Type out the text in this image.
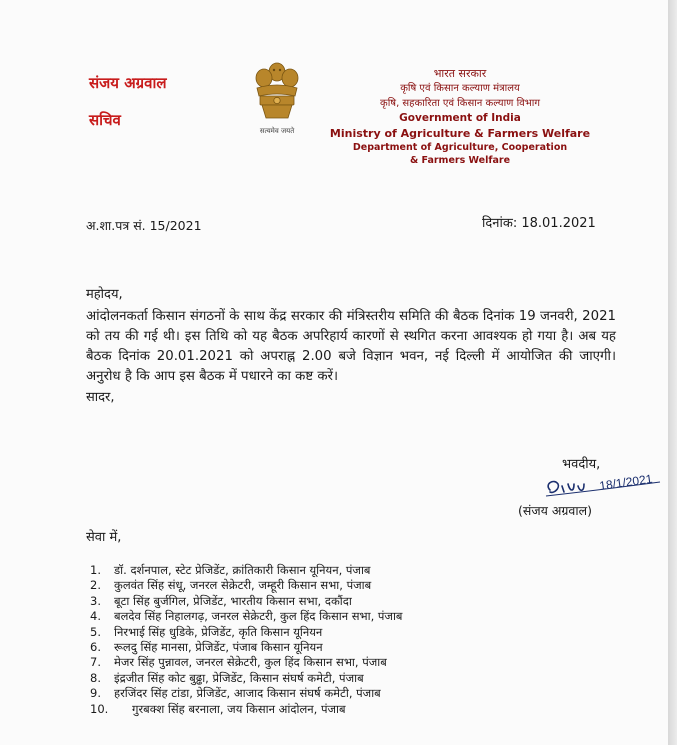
संजय अग्रवाल
सचिव
सत्यमेव जयते
भारत सरकार
कृषि एवं किसान कल्याण मंत्रालय
कृषि, सहकारिता एवं किसान कल्याण विभाग
Government of India
Ministry of Agriculture & Farmers Welfare
Department of Agriculture, Cooperation
& Farmers Welfare
अ.शा.पत्र सं. 15/2021	दिनांक: 18.01.2021
महोदय,
आंदोलनकर्ता किसान संगठनों के साथ केंद्र सरकार की मंत्रिस्तरीय समिति की बैठक दिनांक 19 जनवरी, 2021 को तय की गई थी। इस तिथि को यह बैठक अपरिहार्य कारणों से स्थगित करना आवश्यक हो गया है। अब यह बैठक दिनांक 20.01.2021 को अपराह्न 2.00 बजे विज्ञान भवन, नई दिल्ली में आयोजित की जाएगी। अनुरोध है कि आप इस बैठक में पधारने का कष्ट करें।
सादर,
भवदीय,
18/1/2021
(संजय अग्रवाल)
सेवा में,
1. डॉ. दर्शनपाल, स्टेट प्रेजिडेंट, क्रांतिकारी किसान यूनियन, पंजाब
2. कुलवंत सिंह संधू, जनरल सेक्रेटरी, जम्हूरी किसान सभा, पंजाब
3. बूटा सिंह बुर्जगिल, प्रेजिडेंट, भारतीय किसान सभा, दकौंदा
4. बलदेव सिंह निहालगढ़, जनरल सेक्रेटरी, कुल हिंद किसान सभा, पंजाब
5. निरभाई सिंह धुडिके, प्रेजिडेंट, कृति किसान यूनियन
6. रूलदु सिंह मानसा, प्रेजिडेंट, पंजाब किसान यूनियन
7. मेजर सिंह पुन्नावल, जनरल सेक्रेटरी, कुल हिंद किसान सभा, पंजाब
8. इंद्रजीत सिंह कोट बुढ्ढा, प्रेजिडेंट, किसान संघर्ष कमेटी, पंजाब
9. हरजिंदर सिंह टांडा, प्रेजिडेंट, आजाद किसान संघर्ष कमेटी, पंजाब
10. गुरबक्श सिंह बरनाला, जय किसान आंदोलन, पंजाब
